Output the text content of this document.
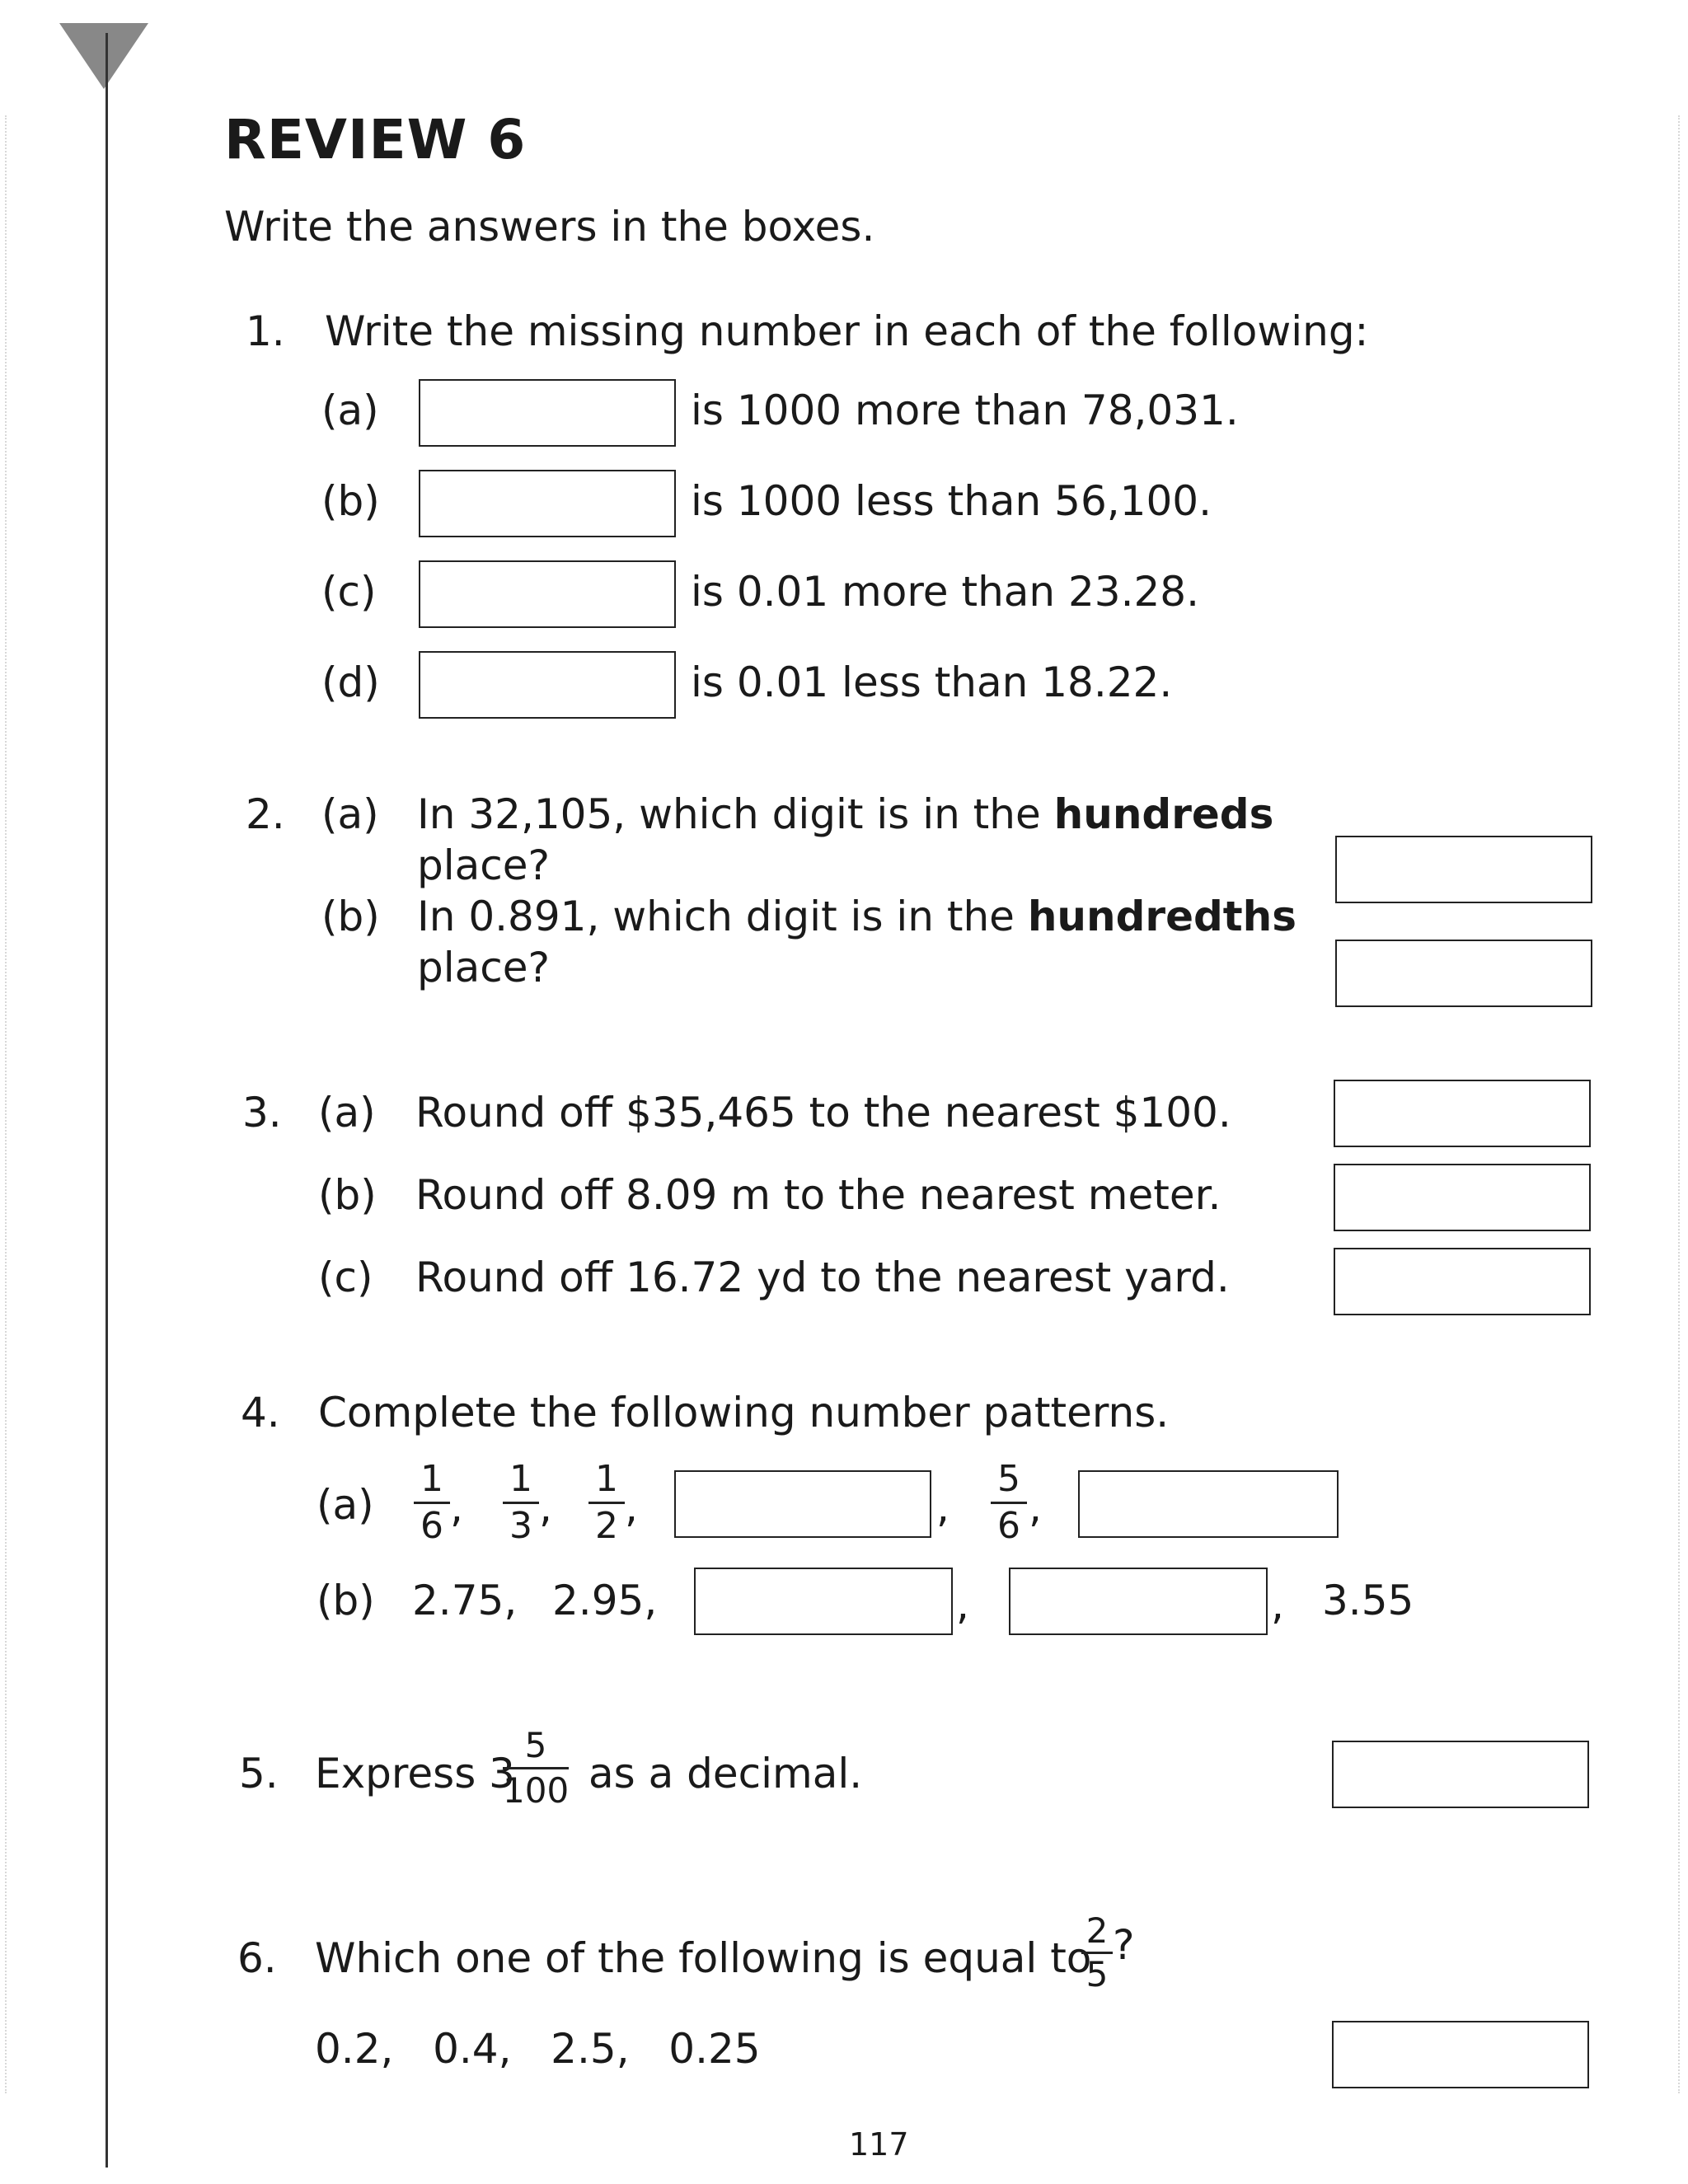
REVIEW 6
Write the answers in the boxes.
1. Write the missing number in each of the following:
(a)	is 1000 more than 78,031.
(b)	is 1000 less than 56,100.
(c)	is 0.01 more than 23.28.
(d)	is 0.01 less than 18.22.
2. (a) In 32,105, which digit is in the hundreds
place?
(b) In 0.891, which digit is in the hundredths
place?
3. (a) Round off $35,465 to the nearest $100.
(b) Round off 8.09 m to the nearest meter.
(c) Round off 16.72 yd to the nearest yard.
4. Complete the following number patterns.
(a)
1
6 ,
1
3 ,
1
2 ,	,
5
6 ,
(b) 2.75, 2.95,	,	, 3.55
5. Express 3
5
100 as a decimal.
6. Which one of the following is equal to
2
5
?
0.2,   0.4,   2.5,   0.25
117
